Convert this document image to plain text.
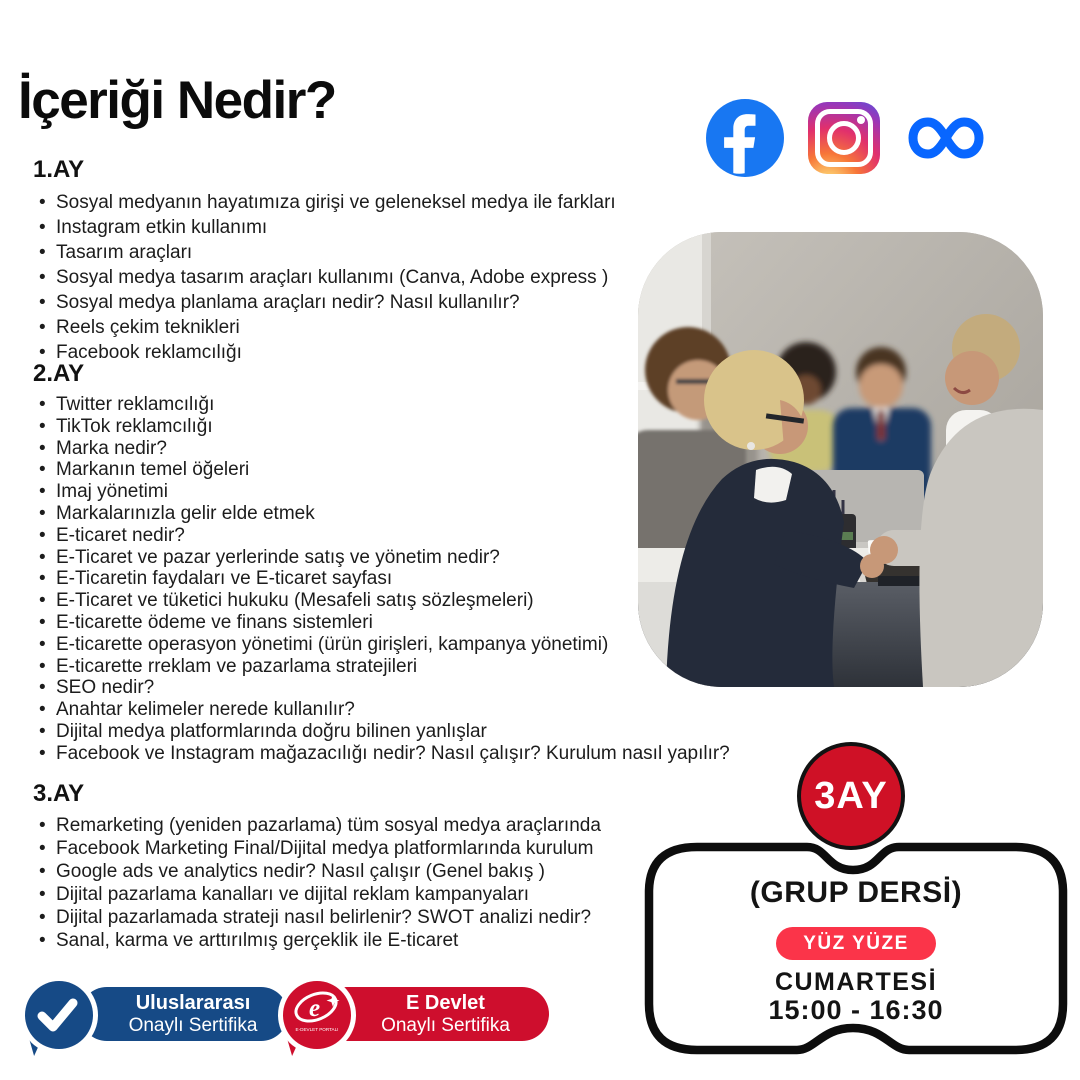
İçeriği Nedir?
1.AY
• Sosyal medyanın hayatımıza girişi ve geleneksel medya ile farkları
• Instagram etkin kullanımı
• Tasarım araçları
• Sosyal medya tasarım araçları kullanımı (Canva, Adobe express )
• Sosyal medya planlama araçları nedir? Nasıl kullanılır?
• Reels çekim teknikleri
• Facebook reklamcılığı
2.AY
• Twitter reklamcılığı
• TikTok reklamcılığı
• Marka nedir?
• Markanın temel öğeleri
• Imaj yönetimi
• Markalarınızla gelir elde etmek
• E-ticaret nedir?
• E-Ticaret ve pazar yerlerinde satış ve yönetim nedir?
• E-Ticaretin faydaları ve E-ticaret sayfası
• E-Ticaret ve tüketici hukuku (Mesafeli satış sözleşmeleri)
• E-ticarette ödeme ve finans sistemleri
• E-ticarette operasyon yönetimi (ürün girişleri, kampanya yönetimi)
• E-ticarette rreklam ve pazarlama stratejileri
• SEO nedir?
• Anahtar kelimeler nerede kullanılır?
• Dijital medya platformlarında doğru bilinen yanlışlar
• Facebook ve Instagram mağazacılığı nedir? Nasıl çalışır? Kurulum nasıl yapılır?
3.AY
• Remarketing (yeniden pazarlama) tüm sosyal medya araçlarında
• Facebook Marketing Final/Dijital medya platformlarında kurulum
• Google ads ve analytics nedir? Nasıl çalışır (Genel bakış )
• Dijital pazarlama kanalları ve dijital reklam kampanyaları
• Dijital pazarlamada strateji nasıl belirlenir? SWOT analizi nedir?
• Sanal, karma ve arttırılmış gerçeklik ile E-ticaret
3AY
(GRUP DERSİ)
YÜZ YÜZE
CUMARTESİ
15:00 - 16:30
Uluslararası
Onaylı Sertifika
E Devlet
Onaylı Sertifika
e
E-DEVLET PORTALI
